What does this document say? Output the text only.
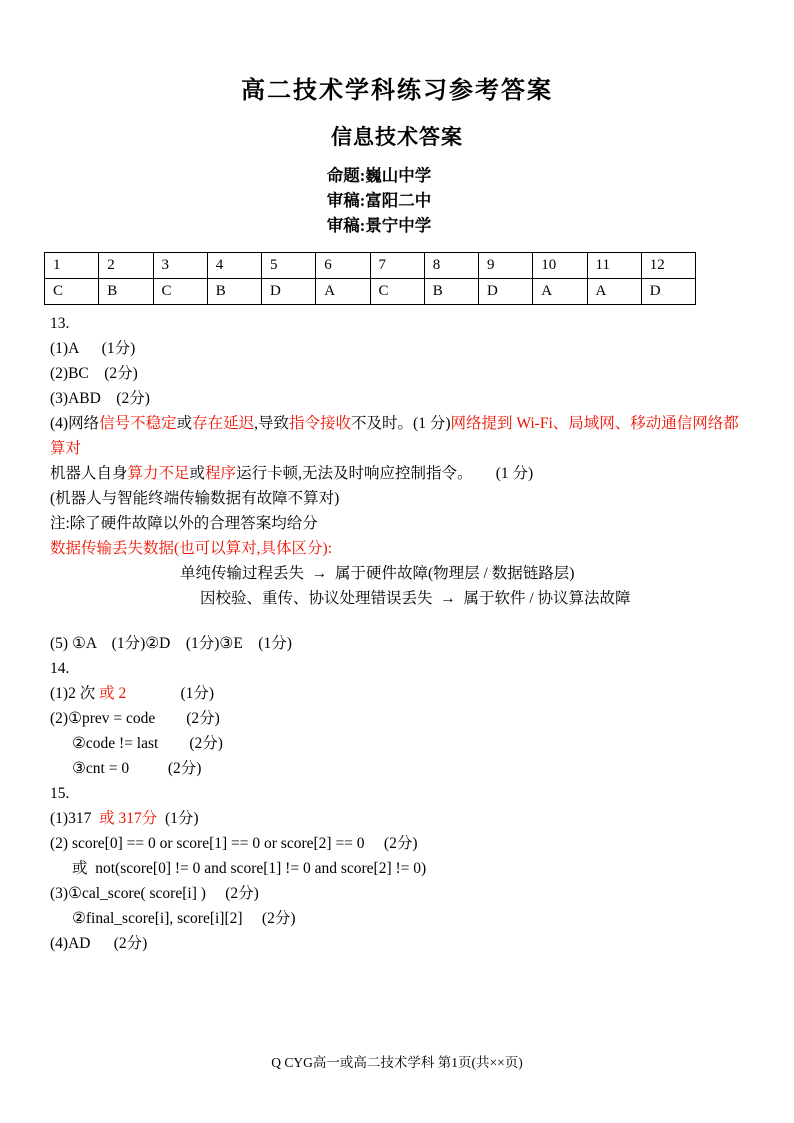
高二技术学科练习参考答案
信息技术答案
命题:巍山中学
审稿:富阳二中
审稿:景宁中学
1	2	3	4	5	6	7	8	9	10	11	12
C	B	C	B	D	A	C	B	D	A	A	D
13.
(1)A      (1分)
(2)BC    (2分)
(3)ABD    (2分)
(4)网络信号不稳定或存在延迟,导致指令接收不及时。(1 分)网络提到 Wi-Fi、局域网、移动通信网络都算对
机器人自身算力不足或程序运行卡顿,无法及时响应控制指令。      (1 分)
(机器人与智能终端传输数据有故障不算对)
注:除了硬件故障以外的合理答案均给分
数据传输丢失数据(也可以算对,具体区分):
单纯传输过程丢失  →  属于硬件故障(物理层 / 数据链路层)
因校验、重传、协议处理错误丢失  →  属于软件 / 协议算法故障
(5) ①A    (1分)②D    (1分)③E    (1分)
14.
(1)2 次 或 2              (1分)
(2)①prev = code        (2分)
②code != last        (2分)
③cnt = 0          (2分)
15.
(1)317  或 317分  (1分)
(2) score[0] == 0 or score[1] == 0 or score[2] == 0     (2分)
或  not(score[0] != 0 and score[1] != 0 and score[2] != 0)
(3)①cal_score( score[i] )     (2分)
②final_score[i], score[i][2]     (2分)
(4)AD      (2分)
Q CYG高一或高二技术学科 第1页(共××页)
